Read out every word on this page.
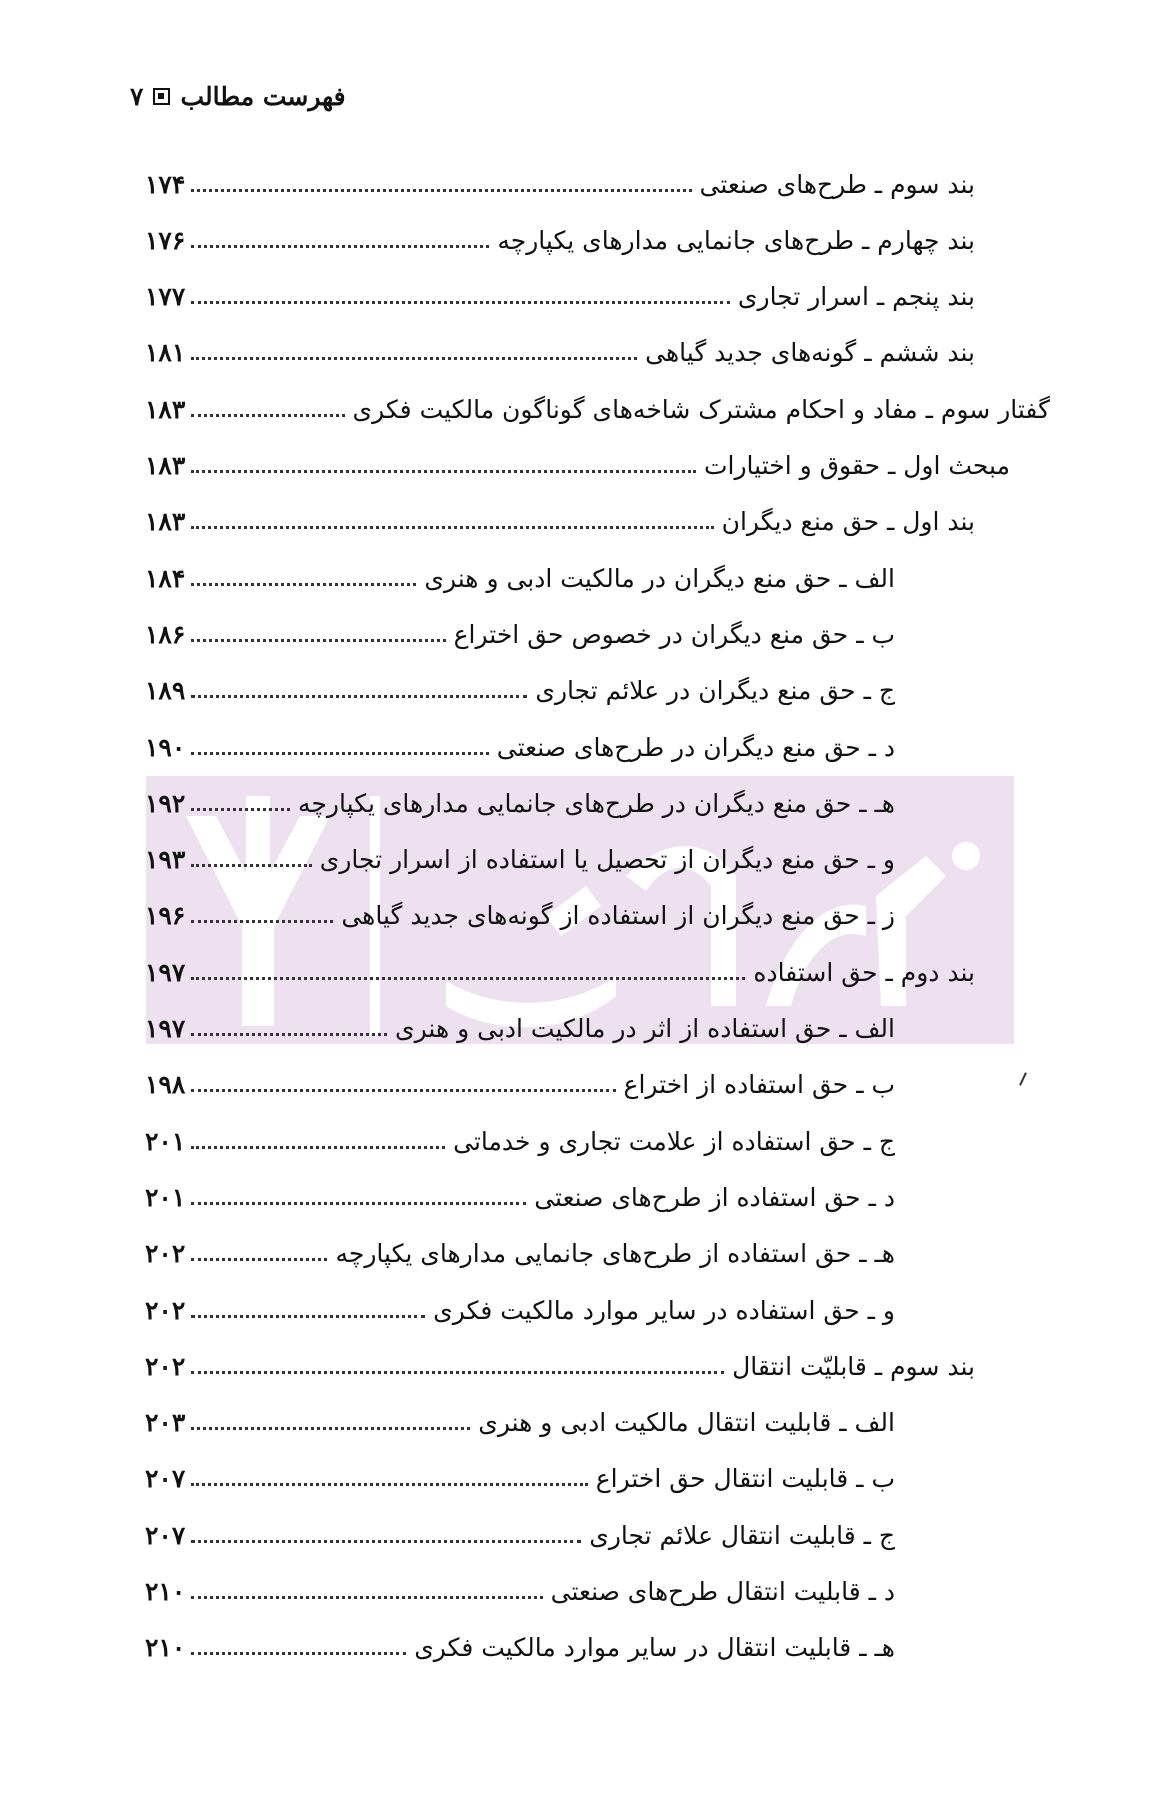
فهرست مطالب
۷
بند سوم ـ طرح‌های صنعتی
۱۷۴
بند چهارم ـ طرح‌های جانمایی مدارهای یکپارچه
۱۷۶
بند پنجم ـ اسرار تجاری
۱۷۷
بند ششم ـ گونه‌های جدید گیاهی
۱۸۱
گفتار سوم ـ مفاد و احکام مشترک شاخه‌های گوناگون مالکیت فکری
۱۸۳
مبحث اول ـ حقوق و اختیارات
۱۸۳
بند اول ـ حق منع دیگران
۱۸۳
الف ـ حق منع دیگران در مالکیت ادبی و هنری
۱۸۴
ب ـ حق منع دیگران در خصوص حق اختراع
۱۸۶
ج ـ حق منع دیگران در علائم تجاری
۱۸۹
د ـ حق منع دیگران در طرح‌های صنعتی
۱۹۰
هـ ـ حق منع دیگران در طرح‌های جانمایی مدارهای یکپارچه
۱۹۲
و ـ حق منع دیگران از تحصیل یا استفاده از اسرار تجاری
۱۹۳
ز ـ حق منع دیگران از استفاده از گونه‌های جدید گیاهی
۱۹۶
بند دوم ـ حق استفاده
۱۹۷
الف ـ حق استفاده از اثر در مالکیت ادبی و هنری
۱۹۷
ب ـ حق استفاده از اختراع
۱۹۸
ج ـ حق استفاده از علامت تجاری و خدماتی
۲۰۱
د ـ حق استفاده از طرح‌های صنعتی
۲۰۱
هـ ـ حق استفاده از طرح‌های جانمایی مدارهای یکپارچه
۲۰۲
و ـ حق استفاده در سایر موارد مالکیت فکری
۲۰۲
بند سوم ـ قابلیّت انتقال
۲۰۲
الف ـ قابلیت انتقال مالکیت ادبی و هنری
۲۰۳
ب ـ قابلیت انتقال حق اختراع
۲۰۷
ج ـ قابلیت انتقال علائم تجاری
۲۰۷
د ـ قابلیت انتقال طرح‌های صنعتی
۲۱۰
هـ ـ قابلیت انتقال در سایر موارد مالکیت فکری
۲۱۰
